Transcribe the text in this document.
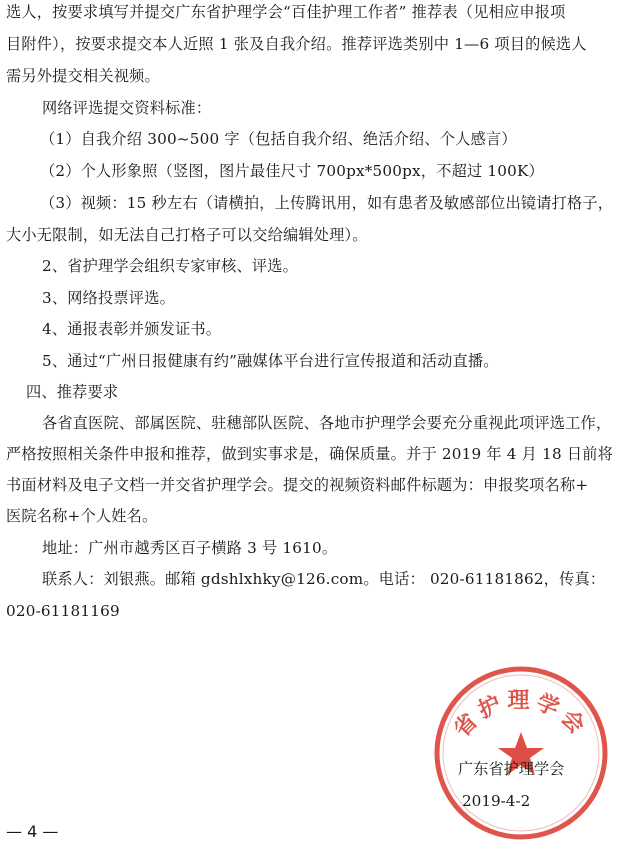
选人，按要求填写并提交广东省护理学会“百佳护理工作者” 推荐表（见相应申报项
目附件），按要求提交本人近照 1 张及自我介绍。推荐评选类别中 1—6 项目的候选人
需另外提交相关视频。
网络评选提交资料标准：
（1）自我介绍 300~500 字（包括自我介绍、绝活介绍、个人感言）
（2）个人形象照（竖图，图片最佳尺寸 700px*500px，不超过 100K）
（3）视频：15 秒左右（请横拍，上传腾讯用，如有患者及敏感部位出镜请打格子，
大小无限制，如无法自己打格子可以交给编辑处理）。
2、省护理学会组织专家审核、评选。
3、网络投票评选。
4、通报表彰并颁发证书。
5、通过“广州日报健康有约”融媒体平台进行宣传报道和活动直播。
四、推荐要求
各省直医院、部属医院、驻穗部队医院、各地市护理学会要充分重视此项评选工作，
严格按照相关条件申报和推荐，做到实事求是，确保质量。并于 2019 年 4 月 18 日前将
书面材料及电子文档一并交省护理学会。提交的视频资料邮件标题为：申报奖项名称+
医院名称+个人姓名。
地址：广州市越秀区百子横路 3 号 1610。
联系人：刘银燕。邮箱 gdshlxhky@126.com。电话： 020-61181862，传真：
020-61181169
省护理学会
广东省护理学会
2019-4-2
— 4 —
